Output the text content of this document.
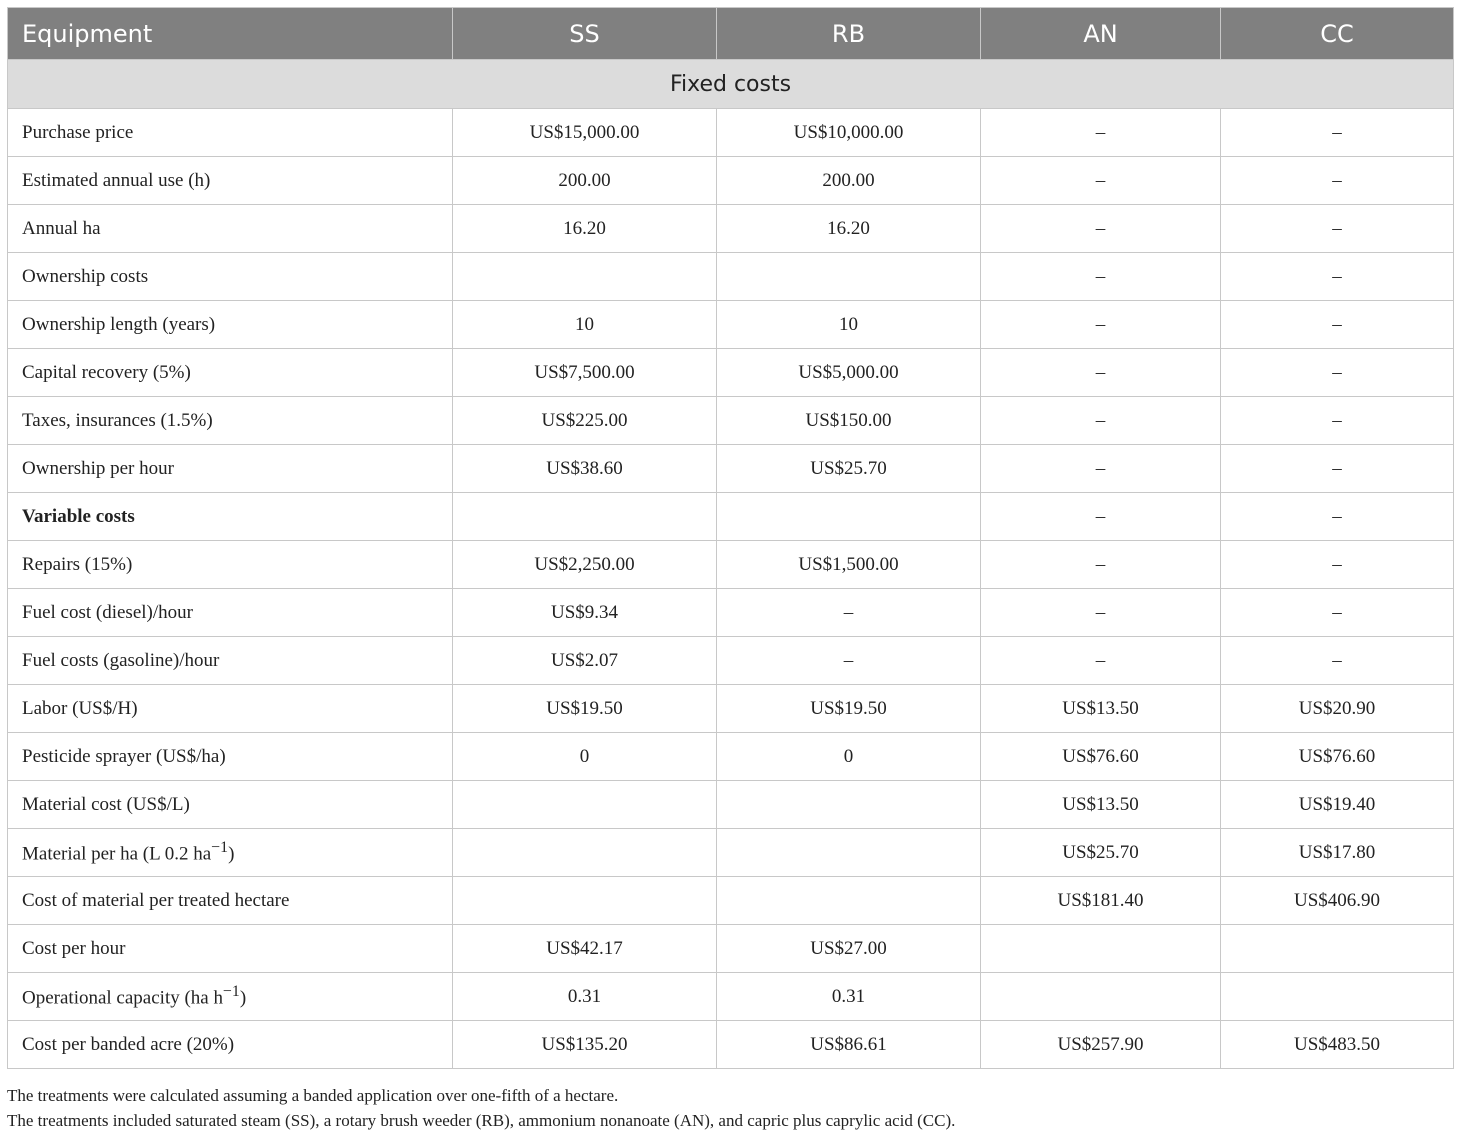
Equipment	SS	RB	AN	CC
Fixed costs				
Purchase price	US$15,000.00	US$10,000.00	–	–
Estimated annual use (h)	200.00	200.00	–	–
Annual ha	16.20	16.20	–	–
Ownership costs			–	–
Ownership length (years)	10	10	–	–
Capital recovery (5%)	US$7,500.00	US$5,000.00	–	–
Taxes, insurances (1.5%)	US$225.00	US$150.00	–	–
Ownership per hour	US$38.60	US$25.70	–	–
Variable costs			–	–
Repairs (15%)	US$2,250.00	US$1,500.00	–	–
Fuel cost (diesel)/hour	US$9.34	–	–	–
Fuel costs (gasoline)/hour	US$2.07	–	–	–
Labor (US$/H)	US$19.50	US$19.50	US$13.50	US$20.90
Pesticide sprayer (US$/ha)	0	0	US$76.60	US$76.60
Material cost (US$/L)			US$13.50	US$19.40
Material per ha (L 0.2 $ha^{-1}$)			US$25.70	US$17.80
Cost of material per treated hectare			US$181.40	US$406.90
Cost per hour	US$42.17	US$27.00		
Operational capacity (ha $h^{-1}$)	0.31	0.31		
Cost per banded acre (20%)	US$135.20	US$86.61	US$257.90	US$483.50
The treatments were calculated assuming a banded application over one-fifth of a hectare.
The treatments included saturated steam (SS), a rotary brush weeder (RB), ammonium nonanoate (AN), and capric plus caprylic acid (CC).
